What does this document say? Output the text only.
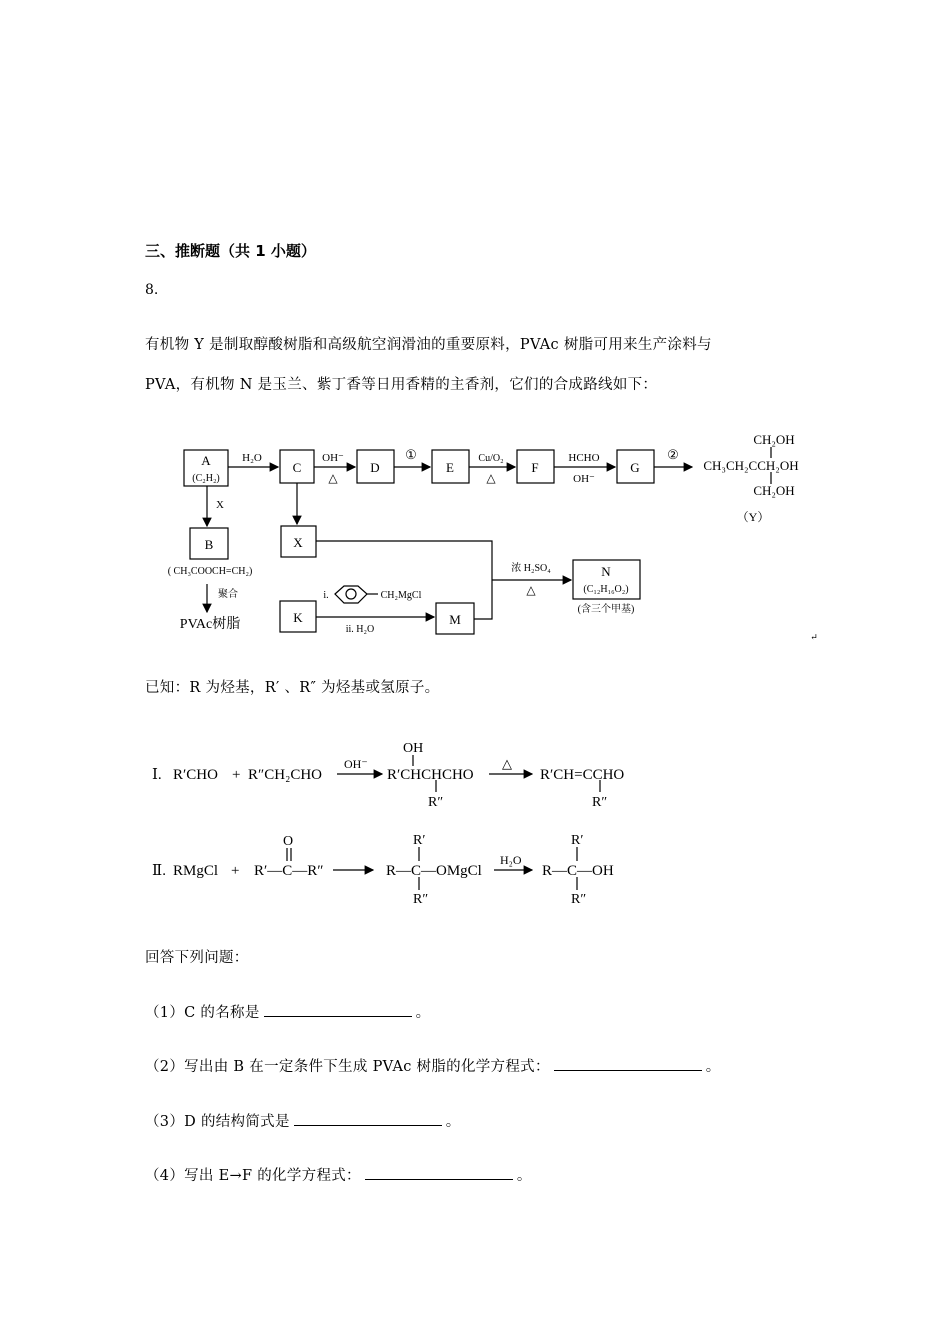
三、推断题（共 1 小题）
8.
有机物 Y 是制取醇酸树脂和高级航空润滑油的重要原料，PVAc 树脂可用来生产涂料与
PVA，有机物 N 是玉兰、紫丁香等日用香精的主香剂，它们的合成路线如下：
A
(C₂H₂)
C	D	E	F	G
B	X
K	M
N
(C₁₂H₁₆O₂)
H₂O	OH⁻
△
①	Cu/O₂
△
HCHO
OH⁻
②
X
CH₂OH
CH₃CH₂CCH₂OH
CH₂OH
（Y）
( CH₃COOCH=CH₂)
聚合
PVAc树脂
i.	CH₂MgCl
ii. H₂O
浓 H₂SO₄
△
(含三个甲基)
↵
已知：R 为烃基，R′ 、R″ 为烃基或氢原子。
Ⅰ. R′CHO + R″CH₂CHO
OH⁻
OH
R′CHCHCHO
R″
△
R′CH=CCHO
R″
Ⅱ. RMgCl + R′—C—R″
O	R′
R—C—OMgCl
R″
H₂O
R′
R—C—OH
R″
回答下列问题：
（1）C 的名称是	。
（2）写出由 B 在一定条件下生成 PVAc 树脂的化学方程式：	。
（3）D 的结构简式是	。
（4）写出 E→F 的化学方程式：	。
